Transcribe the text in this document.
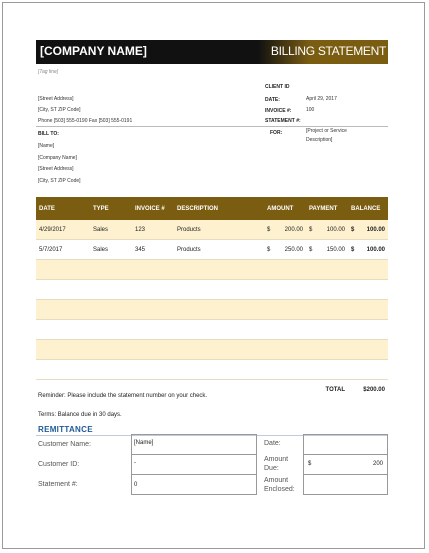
[COMPANY NAME]	BILLING STATEMENT
[Tag line]
[Street Address]
[City, ST ZIP Code]
Phone [503] 555-0190 Fax [503] 555-0191
CLIENT ID
DATE:	April 29, 2017
INVOICE #:	100
STATEMENT #:
FOR:	[Project or Service
Description]
BILL TO:
[Name]
[Company Name]
[Street Address]
[City, ST ZIP Code]
DATE	TYPE	INVOICE #	DESCRIPTION	AMOUNT	PAYMENT	BALANCE
4/29/2017	Sales	123	Products	$ 200.00	$ 100.00	$ 100.00

5/7/2017	Sales	345	Products	$ 250.00	$ 150.00	$ 100.00

					TOTAL	$200.00
Reminder: Please include the statement number on your check.
Terms: Balance due in 30 days.
REMITTANCE
Customer Name:	[Name]
Customer ID:	-
Statement #:	0
Date:
Amount
Due:
$	200
Amount
Enclosed:
